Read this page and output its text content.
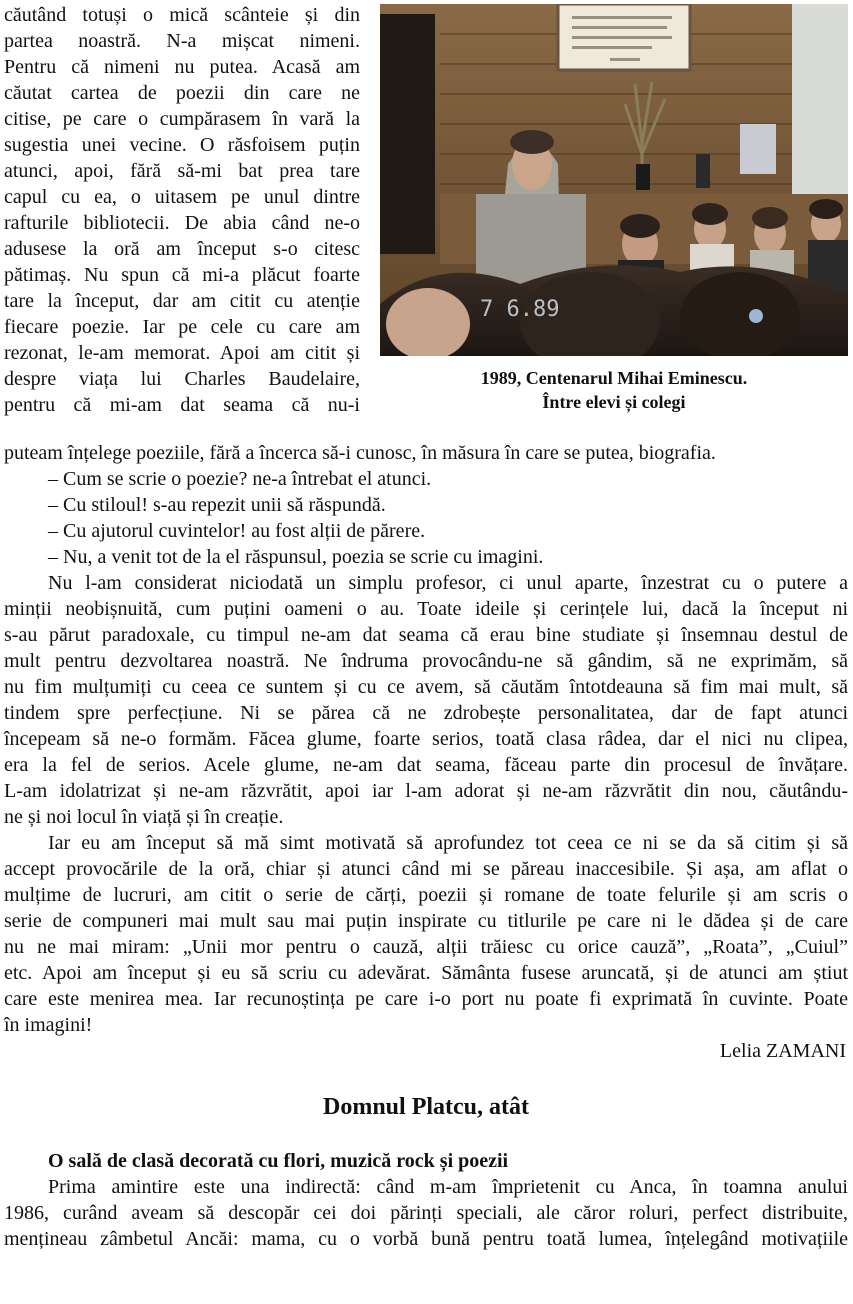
7 6.89
1989, Centenarul Mihai Eminescu.
Între elevi și colegi
căutând totuși o mică scânteie și din
partea noastră. N-a mișcat nimeni.
Pentru că nimeni nu putea. Acasă am
căutat cartea de poezii din care ne
citise, pe care o cumpărasem în vară la
sugestia unei vecine. O răsfoisem puțin
atunci, apoi, fără să-mi bat prea tare
capul cu ea, o uitasem pe unul dintre
rafturile bibliotecii. De abia când ne-o
adusese la oră am început s-o citesc
pătimaș. Nu spun că mi-a plăcut foarte
tare la început, dar am citit cu atenție
fiecare poezie. Iar pe cele cu care am
rezonat, le-am memorat. Apoi am citit și
despre viața lui Charles Baudelaire,
pentru că mi-am dat seama că nu-i
puteam înțelege poeziile, fără a încerca să-i cunosc, în măsura în care se putea, biografia.
– Cum se scrie o poezie? ne-a întrebat el atunci.
– Cu stiloul! s-au repezit unii să răspundă.
– Cu ajutorul cuvintelor! au fost alții de părere.
– Nu, a venit tot de la el răspunsul, poezia se scrie cu imagini.
Nu l-am considerat niciodată un simplu profesor, ci unul aparte, înzestrat cu o putere a
minții neobișnuită, cum puțini oameni o au. Toate ideile și cerințele lui, dacă la început ni
s-au părut paradoxale, cu timpul ne-am dat seama că erau bine studiate și însemnau destul de
mult pentru dezvoltarea noastră. Ne îndruma provocându-ne să gândim, să ne exprimăm, să
nu fim mulțumiți cu ceea ce suntem și cu ce avem, să căutăm întotdeauna să fim mai mult, să
tindem spre perfecțiune. Ni se părea că ne zdrobește personalitatea, dar de fapt atunci
începeam să ne-o formăm. Făcea glume, foarte serios, toată clasa râdea, dar el nici nu clipea,
era la fel de serios. Acele glume, ne-am dat seama, făceau parte din procesul de învățare.
L-am idolatrizat și ne-am răzvrătit, apoi iar l-am adorat și ne-am răzvrătit din nou, căutându-
ne și noi locul în viață și în creație.
Iar eu am început să mă simt motivată să aprofundez tot ceea ce ni se da să citim și să
accept provocările de la oră, chiar și atunci când mi se păreau inaccesibile. Și așa, am aflat o
mulțime de lucruri, am citit o serie de cărți, poezii și romane de toate felurile și am scris o
serie de compuneri mai mult sau mai puțin inspirate cu titlurile pe care ni le dădea și de care
nu ne mai miram: „Unii mor pentru o cauză, alții trăiesc cu orice cauză”, „Roata”, „Cuiul”
etc. Apoi am început și eu să scriu cu adevărat. Sământa fusese aruncată, și de atunci am știut
care este menirea mea. Iar recunoștința pe care i-o port nu poate fi exprimată în cuvinte. Poate
în imagini!
Lelia ZAMANI
Domnul Platcu, atât
O sală de clasă decorată cu flori, muzică rock și poezii
Prima amintire este una indirectă: când m-am împrietenit cu Anca, în toamna anului
1986, curând aveam să descopăr cei doi părinți speciali, ale căror roluri, perfect distribuite,
mențineau zâmbetul Ancăi: mama, cu o vorbă bună pentru toată lumea, înțelegând motivațiile
